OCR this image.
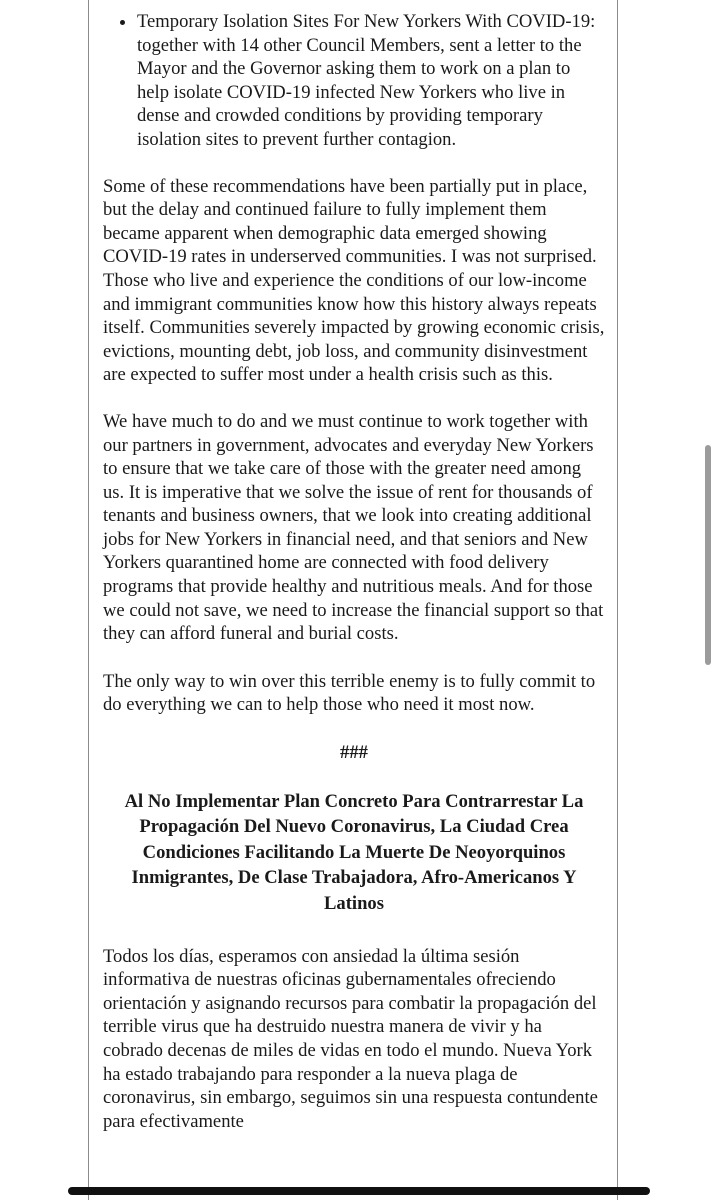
• Temporary Isolation Sites For New Yorkers With COVID-19: together with 14 other Council Members, sent a letter to the Mayor and the Governor asking them to work on a plan to help isolate COVID-19 infected New Yorkers who live in dense and crowded conditions by providing temporary isolation sites to prevent further contagion.

Some of these recommendations have been partially put in place, but the delay and continued failure to fully implement them became apparent when demographic data emerged showing COVID-19 rates in underserved communities. I was not surprised. Those who live and experience the conditions of our low-income and immigrant communities know how this history always repeats itself. Communities severely impacted by growing economic crisis, evictions, mounting debt, job loss, and community disinvestment are expected to suffer most under a health crisis such as this.

We have much to do and we must continue to work together with our partners in government, advocates and everyday New Yorkers to ensure that we take care of those with the greater need among us. It is imperative that we solve the issue of rent for thousands of tenants and business owners, that we look into creating additional jobs for New Yorkers in financial need, and that seniors and New Yorkers quarantined home are connected with food delivery programs that provide healthy and nutritious meals. And for those we could not save, we need to increase the financial support so that they can afford funeral and burial costs.

The only way to win over this terrible enemy is to fully commit to do everything we can to help those who need it most now.

###
Al No Implementar Plan Concreto Para Contrarrestar La Propagación Del Nuevo Coronavirus, La Ciudad Crea Condiciones Facilitando La Muerte De Neoyorquinos Inmigrantes, De Clase Trabajadora, Afro-Americanos Y Latinos

Todos los días, esperamos con ansiedad la última sesión informativa de nuestras oficinas gubernamentales ofreciendo orientación y asignando recursos para combatir la propagación del terrible virus que ha destruido nuestra manera de vivir y ha cobrado decenas de miles de vidas en todo el mundo. Nueva York ha estado trabajando para responder a la nueva plaga de coronavirus, sin embargo, seguimos sin una respuesta contundente para efectivamente
